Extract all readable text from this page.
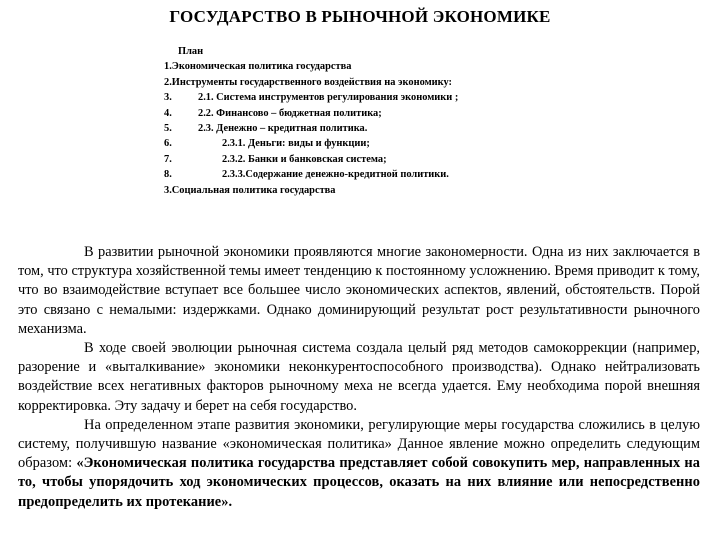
ГОСУДАРСТВО В РЫНОЧНОЙ ЭКОНОМИКЕ
План
1.Экономическая политика государства
2.Инструменты государственного воздействия на экономику:
3.	2.1. Система инструментов регулирования экономики ;
4.	2.2. Финансово – бюджетная политика;
5.	2.3. Денежно – кредитная политика.
6.	2.3.1. Деньги: виды и функции;
7.	2.3.2. Банки и банковская система;
8.	2.3.3.Содержание денежно-кредитной политики.
3.Социальная политика государства

В развитии рыночной экономики проявляются многие закономерности. Одна из них заключается в том, что структура хозяйственной темы имеет тенденцию к постоянному усложнению. Время приводит к тому, что во взаимодействие вступает все большее число экономических аспектов, явлений, обстоятельств. Порой это связано с немалыми: издержками. Однако доминирующий результат рост результативности рыночного механизма.

В ходе своей эволюции рыночная система создала целый ряд методов самокоррекции (например, разорение и «выталкивание» экономики неконкурентоспособного производства). Однако нейтрализовать воздействие всех негативных факторов рыночному меха не всегда удается. Ему необходима порой внешняя корректировка. Эту задачу и берет на себя государство.

На определенном этапе развития экономики, регулирующие меры государства сложились в целую систему, получившую название «экономическая политика» Данное явление можно определить следующим образом: «Экономическая политика государства представляет собой совокупить мер, направленных на то, чтобы упорядочить ход экономических процессов, оказать на них влияние или непосредственно предопределить их протекание».
